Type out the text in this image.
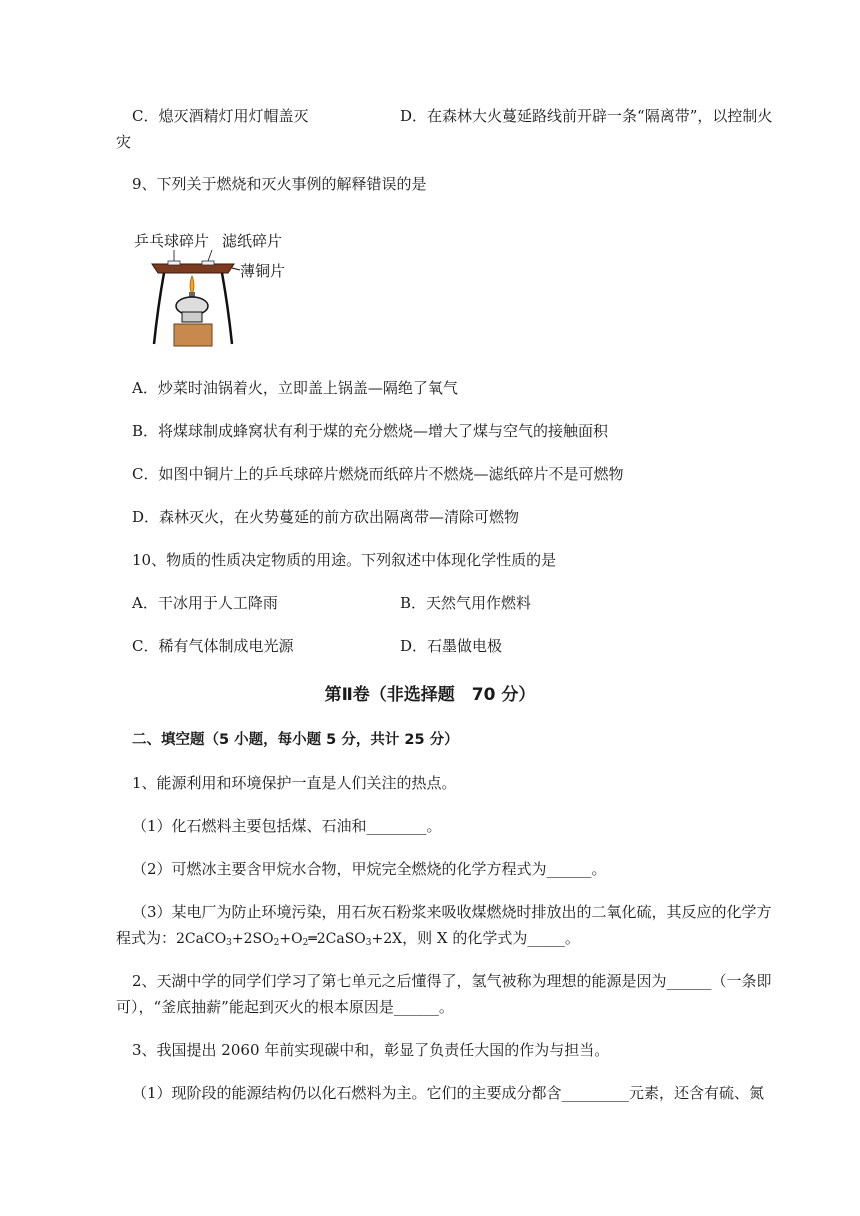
C．熄灭酒精灯用灯帽盖灭	D．在森林大火蔓延路线前开辟一条“隔离带”，以控制火
灾
9、下列关于燃烧和灭火事例的解释错误的是
乒乓球碎片 滤纸碎片
薄铜片
A．炒菜时油锅着火，立即盖上锅盖—隔绝了氧气
B．将煤球制成蜂窝状有利于煤的充分燃烧—增大了煤与空气的接触面积
C．如图中铜片上的乒乓球碎片燃烧而纸碎片不燃烧—滤纸碎片不是可燃物
D．森林灭火，在火势蔓延的前方砍出隔离带—清除可燃物
10、物质的性质决定物质的用途。下列叙述中体现化学性质的是
A．干冰用于人工降雨	B．天然气用作燃料
C．稀有气体制成电光源	D．石墨做电极
第Ⅱ卷（非选择题　70 分）
二、填空题（5 小题，每小题 5 分，共计 25 分）
1、能源利用和环境保护一直是人们关注的热点。
（1）化石燃料主要包括煤、石油和________。
（2）可燃冰主要含甲烷水合物，甲烷完全燃烧的化学方程式为______。
（3）某电厂为防止环境污染，用石灰石粉浆来吸收煤燃烧时排放出的二氧化硫，其反应的化学方
程式为：$2CaCO_3+2SO_2+O_2═2CaSO_3+2X$，则 X 的化学式为_____。
2、天湖中学的同学们学习了第七单元之后懂得了，氢气被称为理想的能源是因为______（一条即
可），“釜底抽薪”能起到灭火的根本原因是______。
3、我国提出 2060 年前实现碳中和，彰显了负责任大国的作为与担当。
（1）现阶段的能源结构仍以化石燃料为主。它们的主要成分都含_________元素，还含有硫、氮
